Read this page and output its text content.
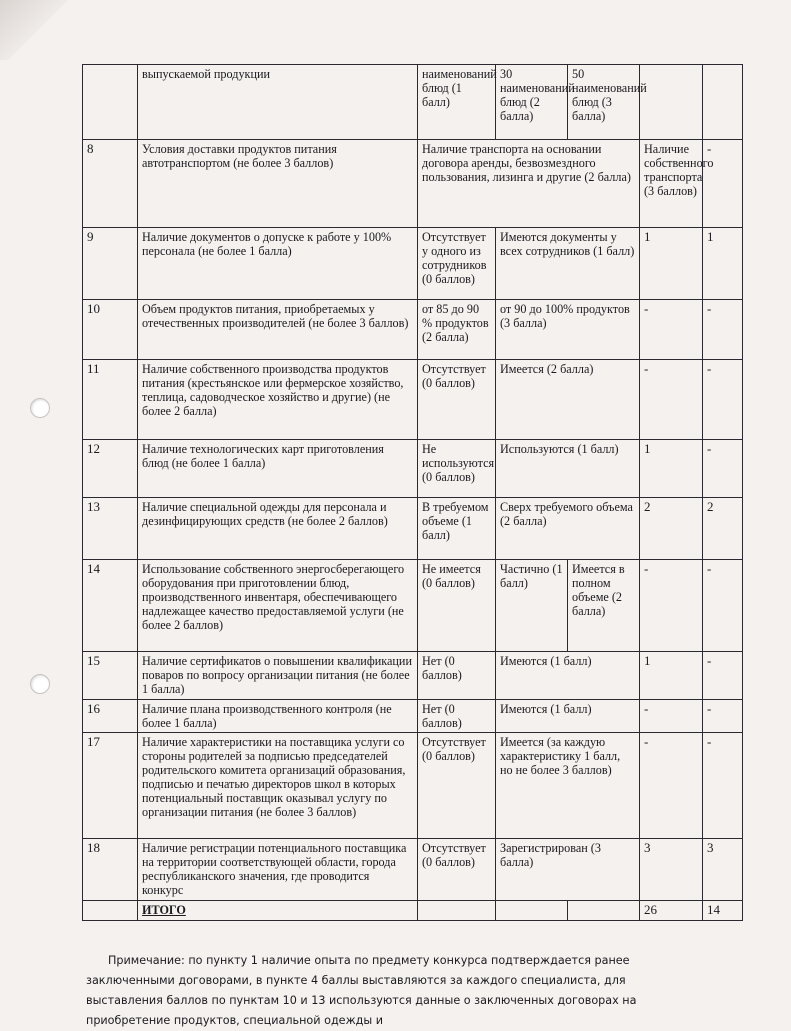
	выпускаемой продукции	наименований блюд (1 балл)	30 наименований блюд (2 балла)	50 наименований блюд (3 балла)			
8	Условия доставки продуктов питания автотранспортом (не более 3 баллов)	Наличие транспорта на основании договора аренды, безвозмездного пользования, лизинга и другие (2 балла)			Наличие собственного транспорта (3 баллов)	-	
9	Наличие документов о допуске к работе у 100% персонала (не более 1 балла)	Отсутствует у одного из сотрудников (0 баллов)	Имеются документы у всех сотрудников (1 балл)		1	1	
10	Объем продуктов питания, приобретаемых у отечественных производителей (не более 3 баллов)	от 85 до 90 % продуктов (2 балла)	от 90 до 100% продуктов (3 балла)		-	-	
11	Наличие собственного производства продуктов питания (крестьянское или фермерское хозяйство, теплица, садоводческое хозяйство и другие) (не более 2 балла)	Отсутствует (0 баллов)	Имеется (2 балла)		-	-	
12	Наличие технологических карт приготовления блюд (не более 1 балла)	Не используются (0 баллов)	Используются (1 балл)		1	-	
13	Наличие специальной одежды для персонала и дезинфицирующих средств (не более 2 баллов)	В требуемом объеме (1 балл)	Сверх требуемого объема (2 балла)		2	2	
14	Использование собственного энергосберегающего оборудования при приготовлении блюд, производственного инвентаря, обеспечивающего надлежащее качество предоставляемой услуги (не более 2 баллов)	Не имеется (0 баллов)	Частично (1 балл)	Имеется в полном объеме (2 балла)	-	-	
15	Наличие сертификатов о повышении квалификации поваров по вопросу организации питания (не более 1 балла)	Нет (0 баллов)	Имеются (1 балл)		1	-	
16	Наличие плана производственного контроля (не более 1 балла)	Нет (0 баллов)	Имеются (1 балл)		-	-	
17	Наличие характеристики на поставщика услуги со стороны родителей за подписью председателей родительского комитета организаций образования, подписью и печатью директоров школ в которых потенциальный поставщик оказывал услугу по организации питания (не более 3 баллов)	Отсутствует (0 баллов)	Имеется (за каждую характеристику 1 балл, но не более 3 баллов)		-	-	
18	Наличие регистрации потенциального поставщика на территории соответствующей области, города республиканского значения, где проводится конкурс	Отсутствует (0 баллов)	Зарегистрирован (3 балла)		3	3	
	ИТОГО				26	14	

Примечание: по пункту 1 наличие опыта по предмету конкурса подтверждается ранее заключенными договорами, в пункте 4 баллы выставляются за каждого специалиста, для выставления баллов по пунктам 10 и 13 используются данные о заключенных договорах на приобретение продуктов, специальной одежды и
